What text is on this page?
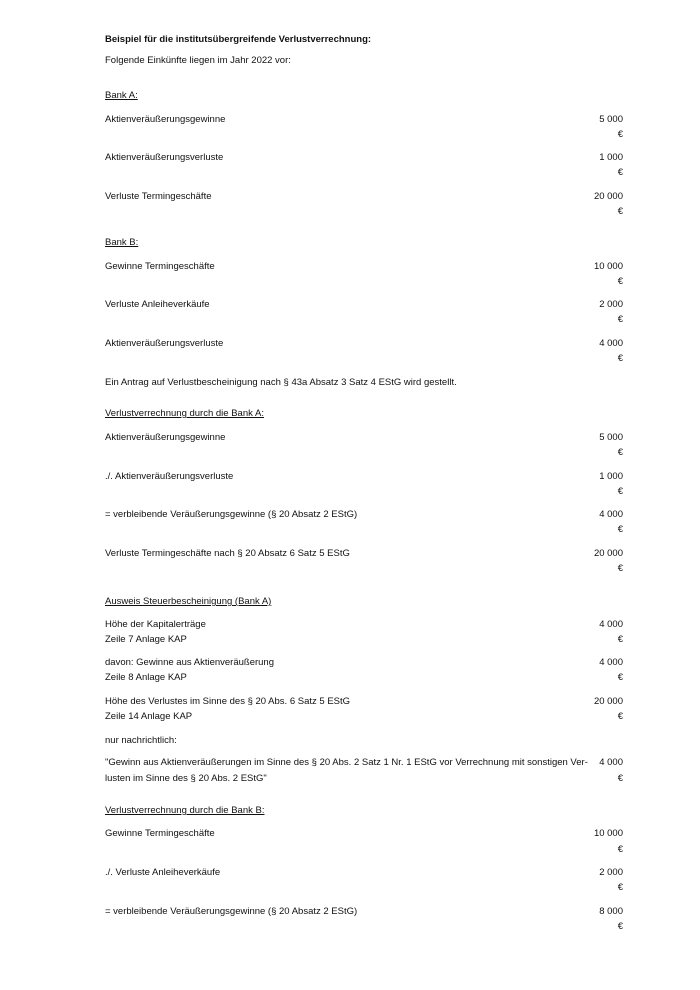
Beispiel für die institutsübergreifende Verlustverrechnung:
Folgende Einkünfte liegen im Jahr 2022 vor:
Bank A:
Aktienveräußerungsgewinne	5 000
€
Aktienveräußerungsverluste	1 000
€
Verluste Termingeschäfte	20 000
€
Bank B:
Gewinne Termingeschäfte	10 000
€
Verluste Anleiheverkäufe	2 000
€
Aktienveräußerungsverluste	4 000
€
Ein Antrag auf Verlustbescheinigung nach § 43a Absatz 3 Satz 4 EStG wird gestellt.
Verlustverrechnung durch die Bank A:
Aktienveräußerungsgewinne	5 000
€
./. Aktienveräußerungsverluste	1 000
€
= verbleibende Veräußerungsgewinne (§ 20 Absatz 2 EStG)	4 000
€
Verluste Termingeschäfte nach § 20 Absatz 6 Satz 5 EStG	20 000
€
Ausweis Steuerbescheinigung (Bank A)
Höhe der Kapitalerträge
Zeile 7 Anlage KAP
4 000
€
davon: Gewinne aus Aktienveräußerung
Zeile 8 Anlage KAP
4 000
€
Höhe des Verlustes im Sinne des § 20 Abs. 6 Satz 5 EStG
Zeile 14 Anlage KAP
20 000
€
nur nachrichtlich:
"Gewinn aus Aktienveräußerungen im Sinne des § 20 Abs. 2 Satz 1 Nr. 1 EStG vor Verrechnung mit sonstigen Ver-
lusten im Sinne des § 20 Abs. 2 EStG"
4 000
€
Verlustverrechnung durch die Bank B:
Gewinne Termingeschäfte	10 000
€
./. Verluste Anleiheverkäufe	2 000
€
= verbleibende Veräußerungsgewinne (§ 20 Absatz 2 EStG)	8 000
€
